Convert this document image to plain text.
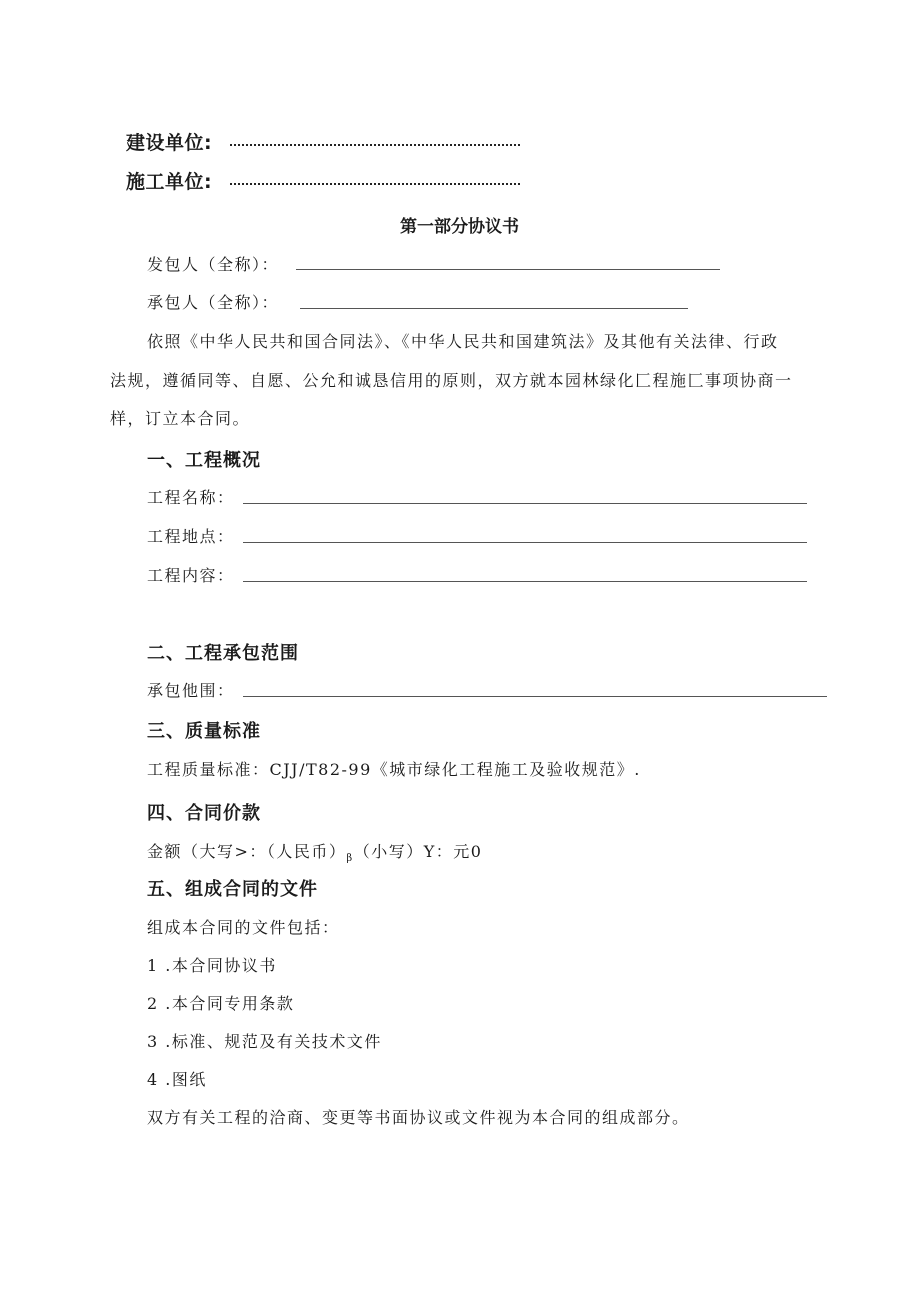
建设单位:
施工单位:
第一部分协议书
发包人（全称）：
承包人（全称）：
依照《中华人民共和国合同法》、《中华人民共和国建筑法》及其他有关法律、行政
法规，遵循同等、自愿、公允和诚恳信用的原则，双方就本园林绿化匚程施匚事项协商一
样，订立本合同。
一、工程概况
工程名称：
工程地点：
工程内容：
二、工程承包范围
承包他围：
三、质量标准
工程质量标准：CJJ/T82-99《城市绿化工程施工及验收规范》.
四、合同价款
金额（大写>：（人民币）$_\beta$（小写）Y：元0
五、组成合同的文件
组成本合同的文件包括：
1 .本合同协议书
2 .本合同专用条款
3 .标准、规范及有关技术文件
4 .图纸
双方有关工程的洽商、变更等书面协议或文件视为本合同的组成部分。
